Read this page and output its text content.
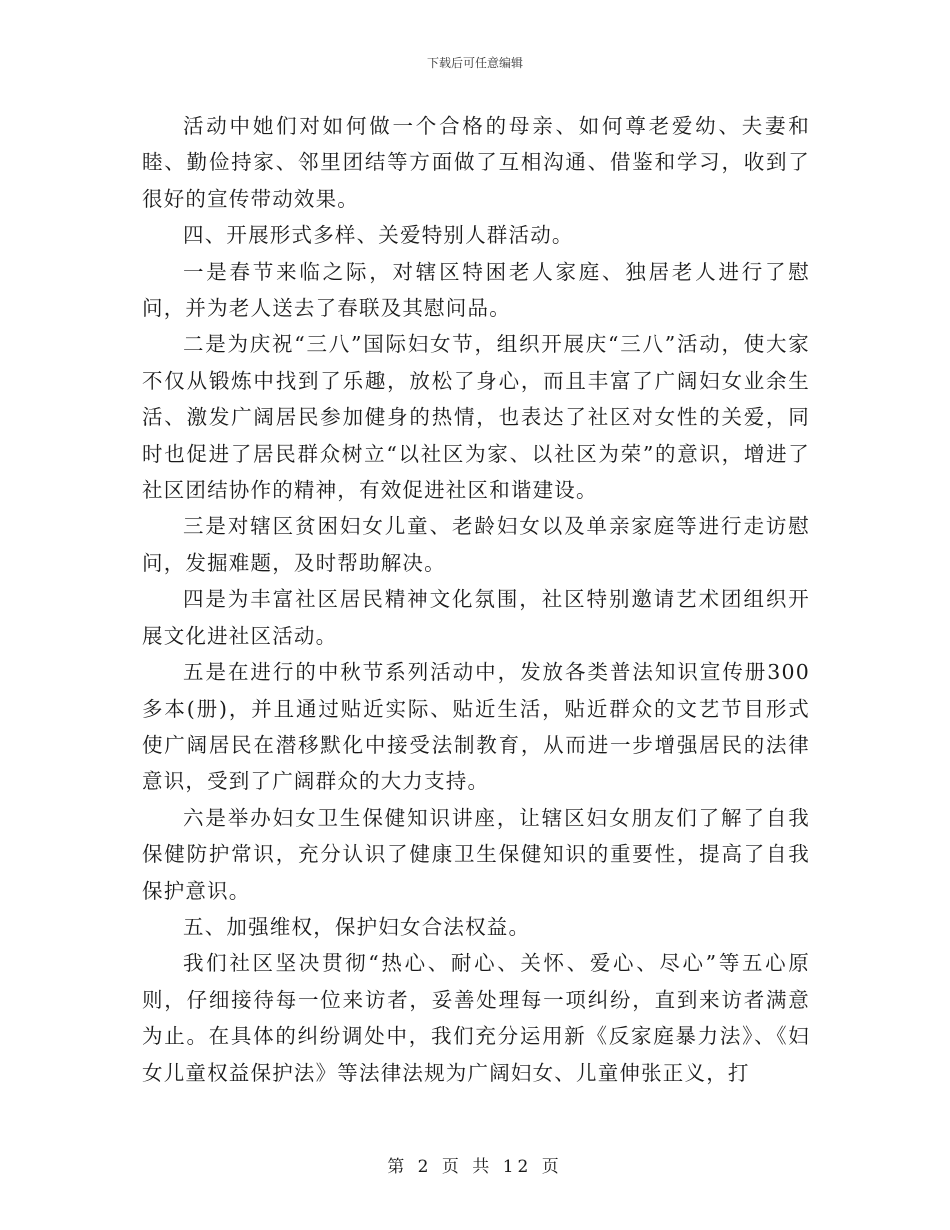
下载后可任意编辑

活动中她们对如何做一个合格的母亲、如何尊老爱幼、夫妻和睦、勤俭持家、邻里团结等方面做了互相沟通、借鉴和学习，收到了很好的宣传带动效果。

四、开展形式多样、关爱特别人群活动。

一是春节来临之际，对辖区特困老人家庭、独居老人进行了慰问，并为老人送去了春联及其慰问品。

二是为庆祝“三八”国际妇女节，组织开展庆“三八”活动，使大家不仅从锻炼中找到了乐趣，放松了身心，而且丰富了广阔妇女业余生活、激发广阔居民参加健身的热情，也表达了社区对女性的关爱，同时也促进了居民群众树立“以社区为家、以社区为荣”的意识，增进了社区团结协作的精神，有效促进社区和谐建设。

三是对辖区贫困妇女儿童、老龄妇女以及单亲家庭等进行走访慰问，发掘难题，及时帮助解决。

四是为丰富社区居民精神文化氛围，社区特别邀请艺术团组织开展文化进社区活动。

五是在进行的中秋节系列活动中，发放各类普法知识宣传册300多本(册)，并且通过贴近实际、贴近生活，贴近群众的文艺节目形式使广阔居民在潜移默化中接受法制教育，从而进一步增强居民的法律意识，受到了广阔群众的大力支持。

六是举办妇女卫生保健知识讲座，让辖区妇女朋友们了解了自我保健防护常识，充分认识了健康卫生保健知识的重要性，提高了自我保护意识。

五、加强维权，保护妇女合法权益。

我们社区坚决贯彻“热心、耐心、关怀、爱心、尽心”等五心原则，仔细接待每一位来访者，妥善处理每一项纠纷，直到来访者满意为止。在具体的纠纷调处中，我们充分运用新《反家庭暴力法》、《妇女儿童权益保护法》等法律法规为广阔妇女、儿童伸张正义，打

第 2 页 共 12 页
